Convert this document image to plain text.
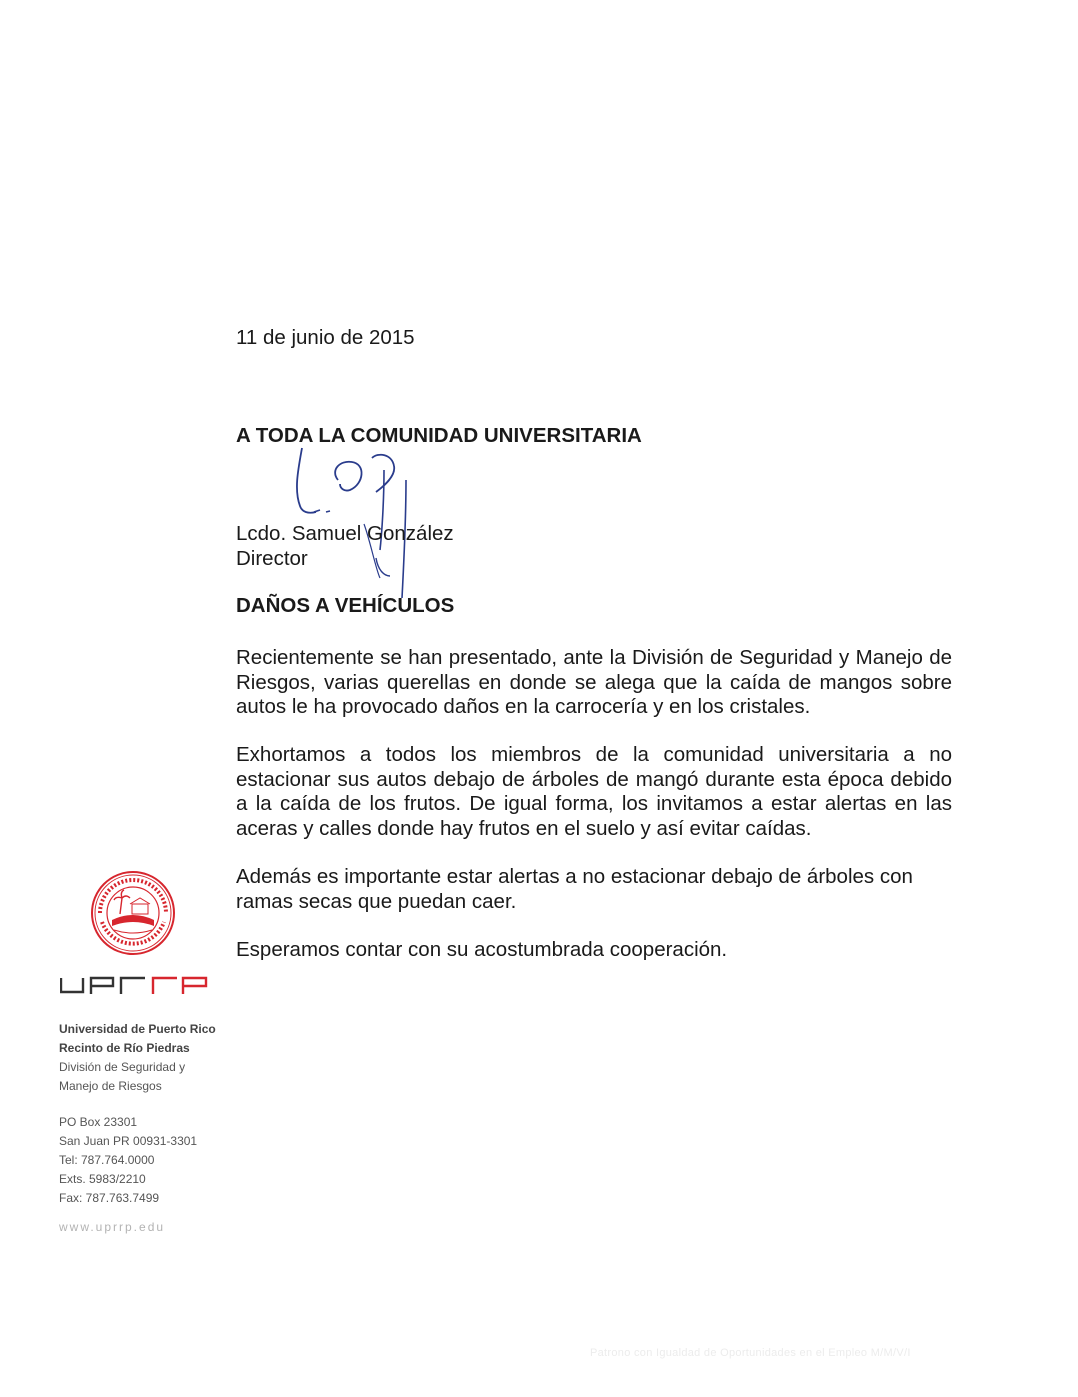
11 de junio de 2015
A TODA LA COMUNIDAD UNIVERSITARIA
Lcdo. Samuel González
Director
DAÑOS A VEHÍCULOS
Recientemente se han presentado, ante la División de Seguridad y Manejo de Riesgos, varias querellas en donde se alega que la caída de mangos sobre autos le ha provocado daños en la carrocería y en los cristales.
Exhortamos a todos los miembros de la comunidad universitaria a no estacionar sus autos debajo de árboles de mangó durante esta época debido a la caída de los frutos. De igual forma, los invitamos a estar alertas en las aceras y calles donde hay frutos en el suelo y así evitar caídas.
Además es importante estar alertas a no estacionar debajo de árboles con ramas secas que puedan caer.
Esperamos contar con su acostumbrada cooperación.
Universidad de Puerto Rico
Recinto de Río Piedras
División de Seguridad y
Manejo de Riesgos
PO Box 23301
San Juan PR 00931-3301
Tel: 787.764.0000
Exts. 5983/2210
Fax: 787.763.7499
www.uprrp.edu
Patrono con Igualdad de Oportunidades en el Empleo M/M/V/I
